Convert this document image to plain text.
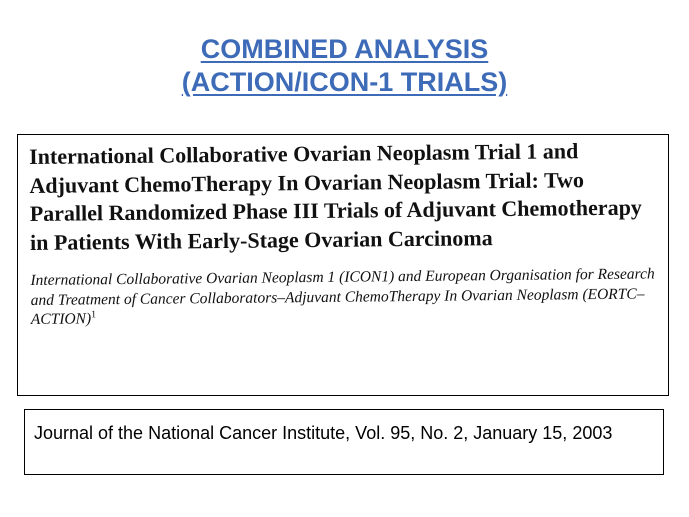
COMBINED ANALYSIS
(ACTION/ICON-1 TRIALS)

International Collaborative Ovarian Neoplasm Trial 1 and Adjuvant ChemoTherapy In Ovarian Neoplasm Trial: Two Parallel Randomized Phase III Trials of Adjuvant Chemotherapy in Patients With Early-Stage Ovarian Carcinoma

International Collaborative Ovarian Neoplasm 1 (ICON1) and European Organisation for Research and Treatment of Cancer Collaborators–Adjuvant ChemoTherapy In Ovarian Neoplasm (EORTC–ACTION)$^1$
Journal of the National Cancer Institute, Vol. 95, No. 2, January 15, 2003
